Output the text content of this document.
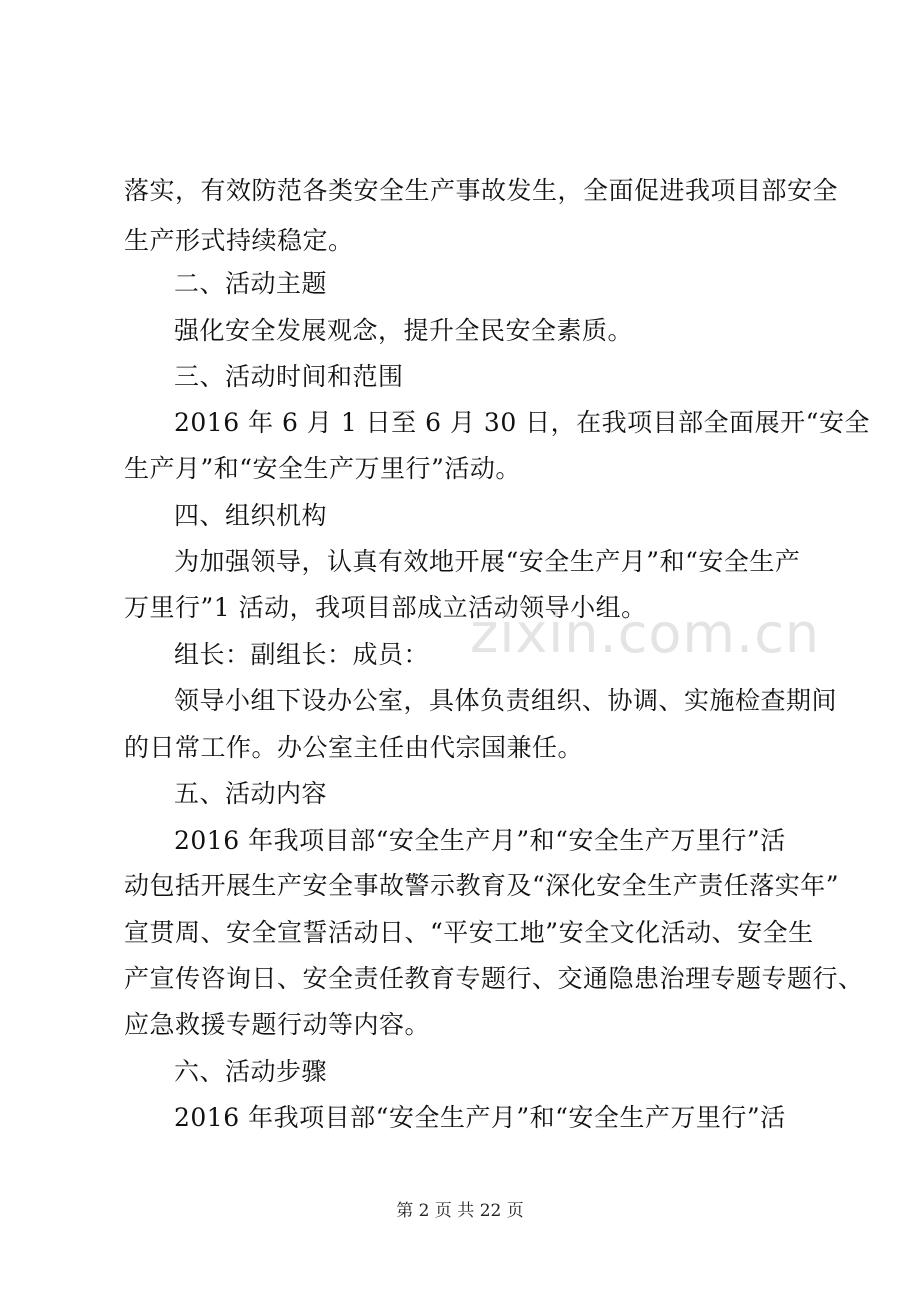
落实，有效防范各类安全生产事故发生，全面促进我项目部安全
生产形式持续稳定。
二、活动主题
强化安全发展观念，提升全民安全素质。
三、活动时间和范围
2016 年 6 月 1 日至 6 月 30 日，在我项目部全面展开“安全
生产月”和“安全生产万里行”活动。
四、组织机构
为加强领导，认真有效地开展“安全生产月”和“安全生产
万里行”1 活动，我项目部成立活动领导小组。
组长：副组长：成员：
领导小组下设办公室，具体负责组织、协调、实施检查期间
的日常工作。办公室主任由代宗国兼任。
五、活动内容
2016 年我项目部“安全生产月”和“安全生产万里行”活
动包括开展生产安全事故警示教育及“深化安全生产责任落实年”
宣贯周、安全宣誓活动日、“平安工地”安全文化活动、安全生
产宣传咨询日、安全责任教育专题行、交通隐患治理专题专题行、
应急救援专题行动等内容。
六、活动步骤
2016 年我项目部“安全生产月”和“安全生产万里行”活
zixin.com.cn
第 2 页 共 22 页
